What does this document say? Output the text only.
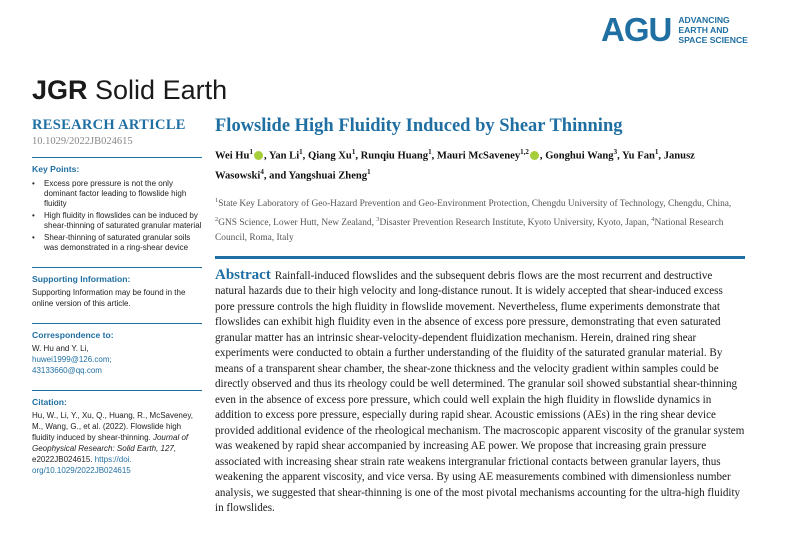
AGU ADVANCING
EARTH AND
SPACE SCIENCE
JGR Solid Earth
RESEARCH ARTICLE
10.1029/2022JB024615
Key Points:
• Excess pore pressure is not the only dominant factor leading to flowslide high fluidity
• High fluidity in flowslides can be induced by shear-thinning of saturated granular material
• Shear-thinning of saturated granular soils was demonstrated in a ring-shear device
Supporting Information:
Supporting Information may be found in the online version of this article.
Correspondence to:
W. Hu and Y. Li,
huwei1999@126.com;
43133660@qq.com
Citation:
Hu, W., Li, Y., Xu, Q., Huang, R., McSaveney, M., Wang, G., et al. (2022). Flowslide high fluidity induced by shear-thinning. Journal of Geophysical Research: Solid Earth, 127, e2022JB024615. https://doi.
org/10.1029/2022JB024615
Flowslide High Fluidity Induced by Shear Thinning
Wei Hu$^1$ , Yan Li$^1$, Qiang Xu$^1$, Runqiu Huang$^1$, Mauri McSaveney$^{1,2}$ , Gonghui Wang$^3$, Yu Fan$^1$, Janusz Wasowski$^4$, and Yangshuai Zheng$^1$
$^1$State Key Laboratory of Geo-Hazard Prevention and Geo-Environment Protection, Chengdu University of Technology, Chengdu, China, $^2$GNS Science, Lower Hutt, New Zealand, $^3$Disaster Prevention Research Institute, Kyoto University, Kyoto, Japan, $^4$National Research Council, Roma, Italy
Abstract Rainfall-induced flowslides and the subsequent debris flows are the most recurrent and destructive natural hazards due to their high velocity and long-distance runout. It is widely accepted that shear-induced excess pore pressure controls the high fluidity in flowslide movement. Nevertheless, flume experiments demonstrate that flowslides can exhibit high fluidity even in the absence of excess pore pressure, demonstrating that even saturated granular matter has an intrinsic shear-velocity-dependent fluidization mechanism. Herein, drained ring shear experiments were conducted to obtain a further understanding of the fluidity of the saturated granular material. By means of a transparent shear chamber, the shear-zone thickness and the velocity gradient within samples could be directly observed and thus its rheology could be well determined. The granular soil showed substantial shear-thinning even in the absence of excess pore pressure, which could well explain the high fluidity in flowslide dynamics in addition to excess pore pressure, especially during rapid shear. Acoustic emissions (AEs) in the ring shear device provided additional evidence of the rheological mechanism. The macroscopic apparent viscosity of the granular system was weakened by rapid shear accompanied by increasing AE power. We propose that increasing grain pressure associated with increasing shear strain rate weakens intergranular frictional contacts between granular layers, thus weakening the apparent viscosity, and vice versa. By using AE measurements combined with dimensionless number analysis, we suggested that shear-thinning is one of the most pivotal mechanisms accounting for the ultra-high fluidity in flowslides.
